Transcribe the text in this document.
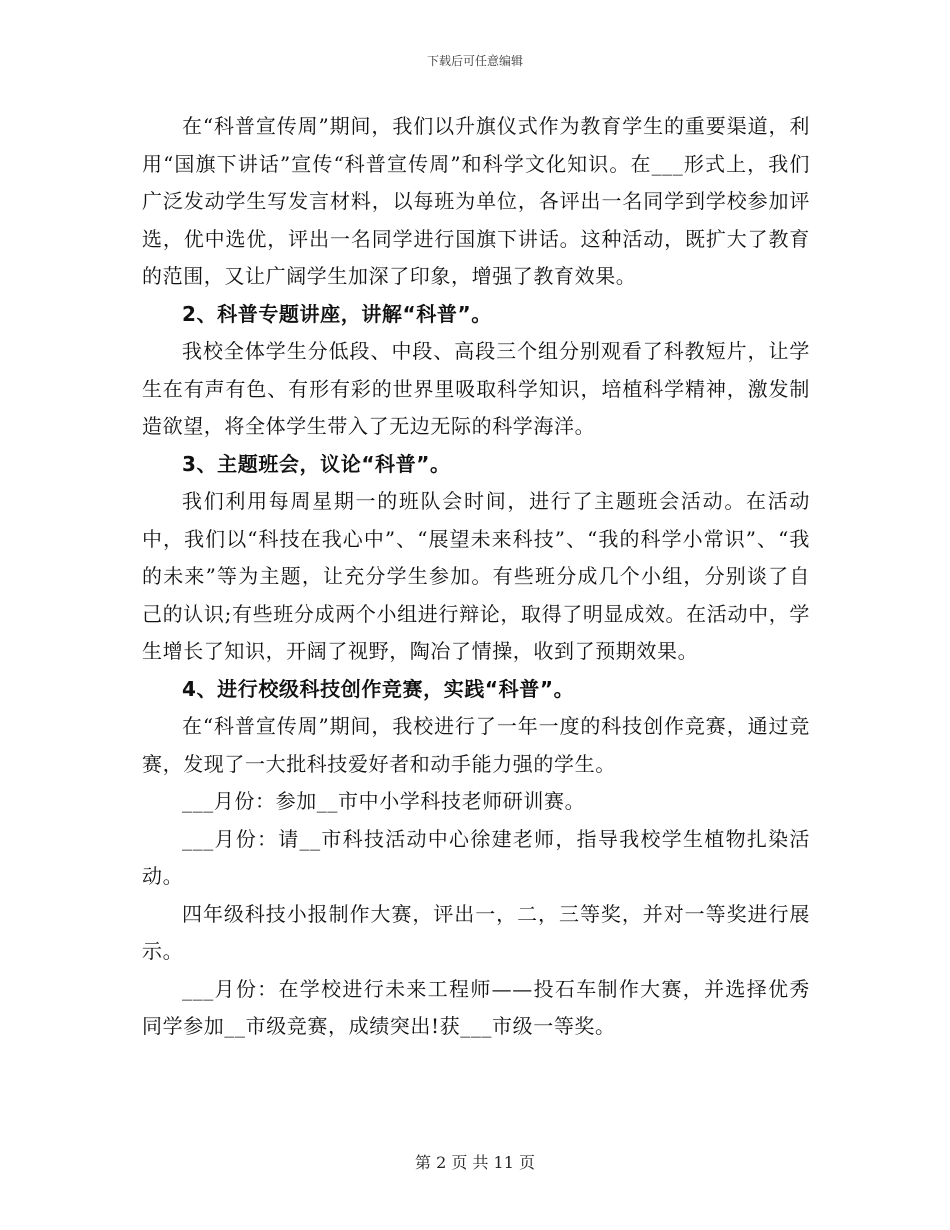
下载后可任意编辑

在“科普宣传周”期间，我们以升旗仪式作为教育学生的重要渠道，利用“国旗下讲话”宣传“科普宣传周”和科学文化知识。在___形式上，我们广泛发动学生写发言材料，以每班为单位，各评出一名同学到学校参加评选，优中选优，评出一名同学进行国旗下讲话。这种活动，既扩大了教育的范围，又让广阔学生加深了印象，增强了教育效果。

2、科普专题讲座，讲解“科普”。

我校全体学生分低段、中段、高段三个组分别观看了科教短片，让学生在有声有色、有形有彩的世界里吸取科学知识，培植科学精神，激发制造欲望，将全体学生带入了无边无际的科学海洋。

3、主题班会，议论“科普”。

我们利用每周星期一的班队会时间，进行了主题班会活动。在活动中，我们以“科技在我心中”、“展望未来科技”、“我的科学小常识”、“我的未来”等为主题，让充分学生参加。有些班分成几个小组，分别谈了自己的认识;有些班分成两个小组进行辩论，取得了明显成效。在活动中，学生增长了知识，开阔了视野，陶冶了情操，收到了预期效果。

4、进行校级科技创作竞赛，实践“科普”。

在“科普宣传周”期间，我校进行了一年一度的科技创作竞赛，通过竞赛，发现了一大批科技爱好者和动手能力强的学生。

___月份：参加__市中小学科技老师研训赛。

___月份：请__市科技活动中心徐建老师，指导我校学生植物扎染活动。

四年级科技小报制作大赛，评出一，二，三等奖，并对一等奖进行展示。

___月份：在学校进行未来工程师——投石车制作大赛，并选择优秀同学参加__市级竞赛，成绩突出!获___市级一等奖。

第 2 页 共 11 页
